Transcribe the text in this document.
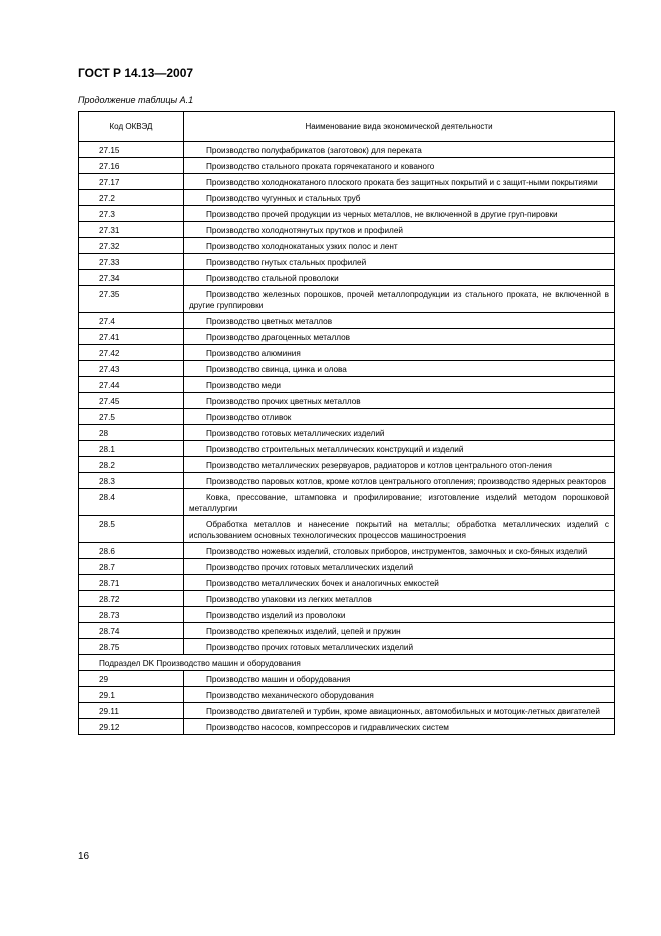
ГОСТ Р 14.13—2007
Продолжение таблицы А.1
Код ОКВЭД	Наименование вида экономической деятельности
27.15	Производство полуфабрикатов (заготовок) для переката
27.16	Производство стального проката горячекатаного и кованого
27.17	Производство холоднокатаного плоского проката без защитных покрытий и с защит-ными покрытиями
27.2	Производство чугунных и стальных труб
27.3	Производство прочей продукции из черных металлов, не включенной в другие груп-пировки
27.31	Производство холоднотянутых прутков и профилей
27.32	Производство холоднокатаных узких полос и лент
27.33	Производство гнутых стальных профилей
27.34	Производство стальной проволоки
27.35	Производство железных порошков, прочей металлопродукции из стального проката, не включенной в другие группировки
27.4	Производство цветных металлов
27.41	Производство драгоценных металлов
27.42	Производство алюминия
27.43	Производство свинца, цинка и олова
27.44	Производство меди
27.45	Производство прочих цветных металлов
27.5	Производство отливок
28	Производство готовых металлических изделий
28.1	Производство строительных металлических конструкций и изделий
28.2	Производство металлических резервуаров, радиаторов и котлов центрального отоп-ления
28.3	Производство паровых котлов, кроме котлов центрального отопления; производство ядерных реакторов
28.4	Ковка, прессование, штамповка и профилирование; изготовление изделий методом порошковой металлургии
28.5	Обработка металлов и нанесение покрытий на металлы; обработка металлических изделий с использованием основных технологических процессов машиностроения
28.6	Производство ножевых изделий, столовых приборов, инструментов, замочных и ско-бяных изделий
28.7	Производство прочих готовых металлических изделий
28.71	Производство металлических бочек и аналогичных емкостей
28.72	Производство упаковки из легких металлов
28.73	Производство изделий из проволоки
28.74	Производство крепежных изделий, цепей и пружин
28.75	Производство прочих готовых металлических изделий
Подраздел DK Производство машин и оборудования	
29	Производство машин и оборудования
29.1	Производство механического оборудования
29.11	Производство двигателей и турбин, кроме авиационных, автомобильных и мотоцик-летных двигателей
29.12	Производство насосов, компрессоров и гидравлических систем
16
